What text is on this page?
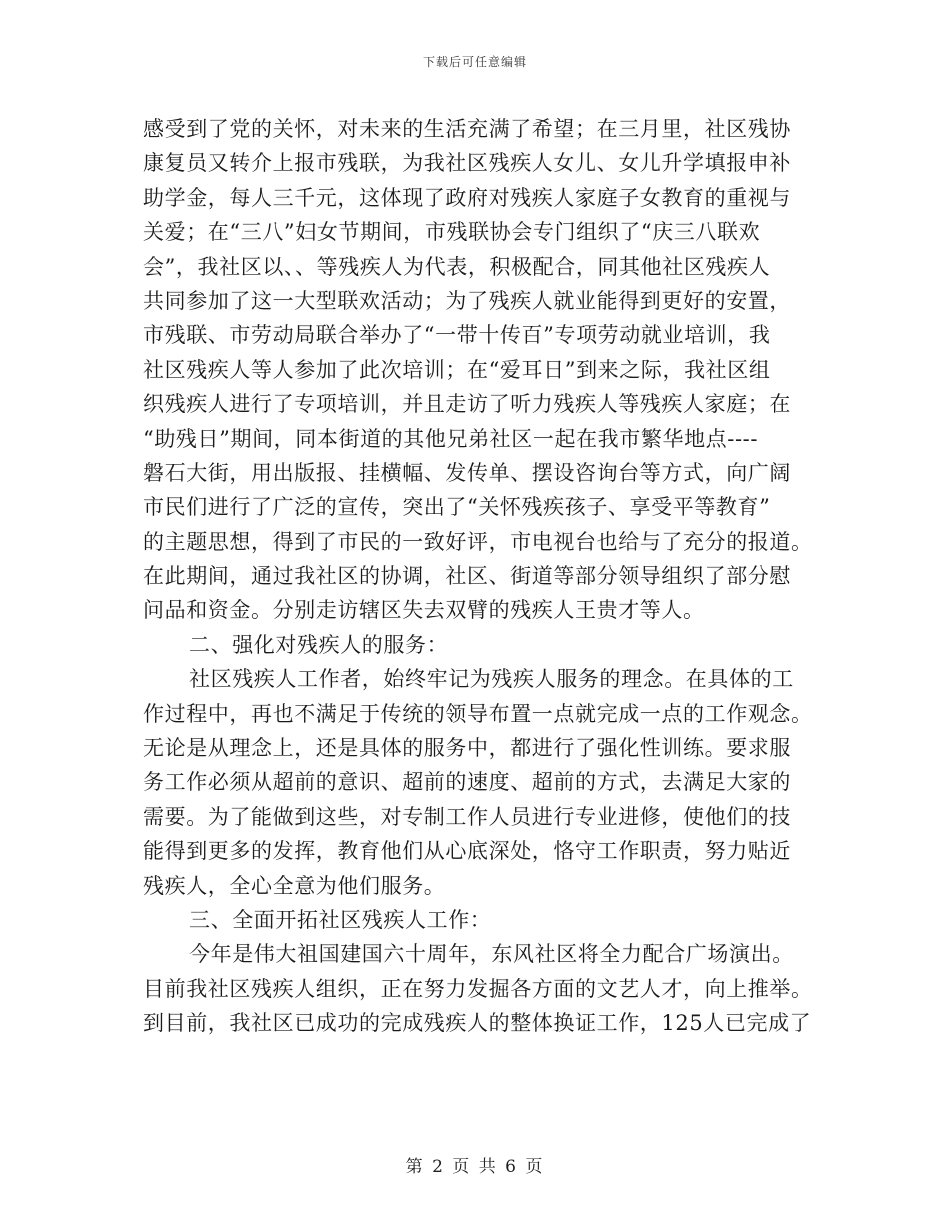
下载后可任意编辑
感受到了党的关怀，对未来的生活充满了希望；在三月里，社区残协
康复员又转介上报市残联，为我社区残疾人女儿、女儿升学填报申补
助学金，每人三千元，这体现了政府对残疾人家庭子女教育的重视与
关爱；在“三八”妇女节期间，市残联协会专门组织了“庆三八联欢
会”，我社区以、、等残疾人为代表，积极配合，同其他社区残疾人
共同参加了这一大型联欢活动；为了残疾人就业能得到更好的安置，
市残联、市劳动局联合举办了“一带十传百”专项劳动就业培训，我
社区残疾人等人参加了此次培训；在“爱耳日”到来之际，我社区组
织残疾人进行了专项培训，并且走访了听力残疾人等残疾人家庭；在
“助残日”期间，同本街道的其他兄弟社区一起在我市繁华地点----
磐石大街，用出版报、挂横幅、发传单、摆设咨询台等方式，向广阔
市民们进行了广泛的宣传，突出了“关怀残疾孩子、享受平等教育”
的主题思想，得到了市民的一致好评，市电视台也给与了充分的报道。
在此期间，通过我社区的协调，社区、街道等部分领导组织了部分慰
问品和资金。分别走访辖区失去双臂的残疾人王贵才等人。
二、强化对残疾人的服务：
社区残疾人工作者，始终牢记为残疾人服务的理念。在具体的工
作过程中，再也不满足于传统的领导布置一点就完成一点的工作观念。
无论是从理念上，还是具体的服务中，都进行了强化性训练。要求服
务工作必须从超前的意识、超前的速度、超前的方式，去满足大家的
需要。为了能做到这些，对专制工作人员进行专业进修，使他们的技
能得到更多的发挥，教育他们从心底深处，恪守工作职责，努力贴近
残疾人，全心全意为他们服务。
三、全面开拓社区残疾人工作：
今年是伟大祖国建国六十周年，东风社区将全力配合广场演出。
目前我社区残疾人组织，正在努力发掘各方面的文艺人才，向上推举。
到目前，我社区已成功的完成残疾人的整体换证工作，125人已完成了
第 2 页 共 6 页
